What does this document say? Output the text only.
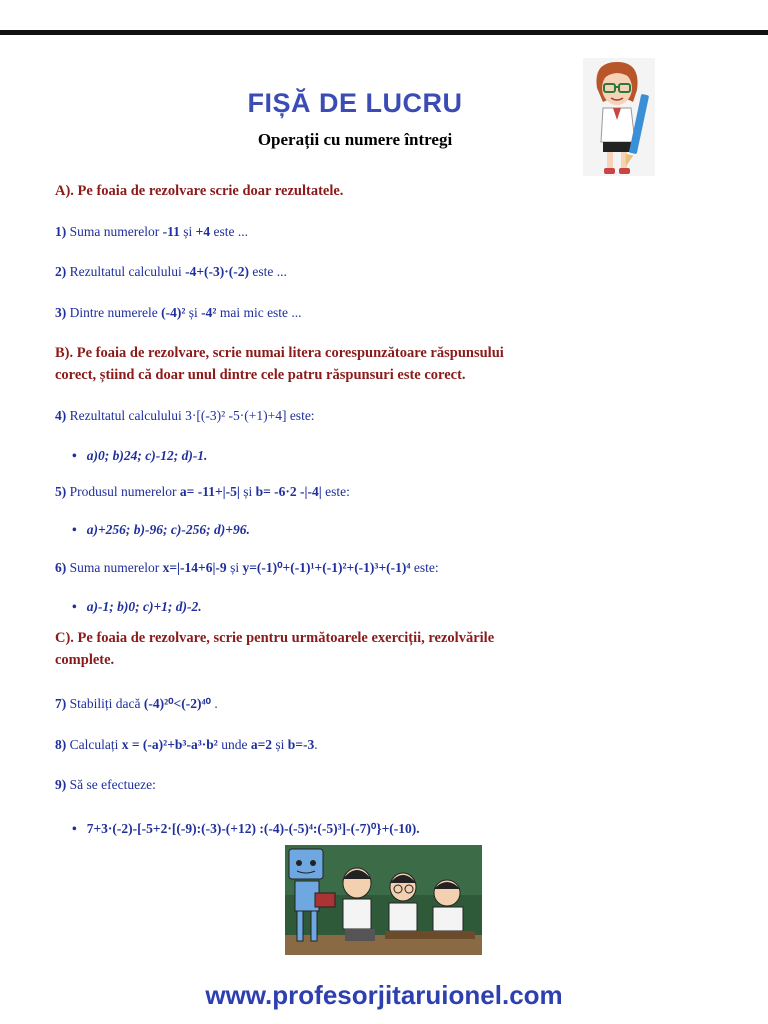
FIȘĂ DE LUCRU
Operații cu numere întregi
A). Pe foaia de rezolvare scrie doar rezultatele.
1) Suma numerelor -11 și +4 este ...
2) Rezultatul calculului -4+(-3)·(-2) este ...
3) Dintre numerele (-4)² și -4² mai mic este ...
B). Pe foaia de rezolvare, scrie numai litera corespunzătoare răspunsului corect, știind că doar unul dintre cele patru răspunsuri este corect.
4) Rezultatul calculului 3·[(-3)² -5·(+1)+4] este:
• a)0; b)24; c)-12; d)-1.
5) Produsul numerelor a= -11+|-5| și b= -6·2 -|-4| este:
• a)+256; b)-96; c)-256; d)+96.
6) Suma numerelor x=|-14+6|-9 și y=(-1)⁰+(-1)¹+(-1)²+(-1)³+(-1)⁴ este:
• a)-1; b)0; c)+1; d)-2.
C). Pe foaia de rezolvare, scrie pentru următoarele exerciții, rezolvările complete.
7) Stabiliți dacă (-4)²⁰<(-2)⁴⁰ .
8) Calculați x = (-a)²+b³-a³·b² unde a=2 și b=-3.
9) Să se efectueze:
• 7+3·(-2)-[-5+2·[(-9):(-3)-(+12) :(-4)-(-5)⁴:(-5)³]-(-7)⁰}+(-10).
www.profesorjitaruionel.com
